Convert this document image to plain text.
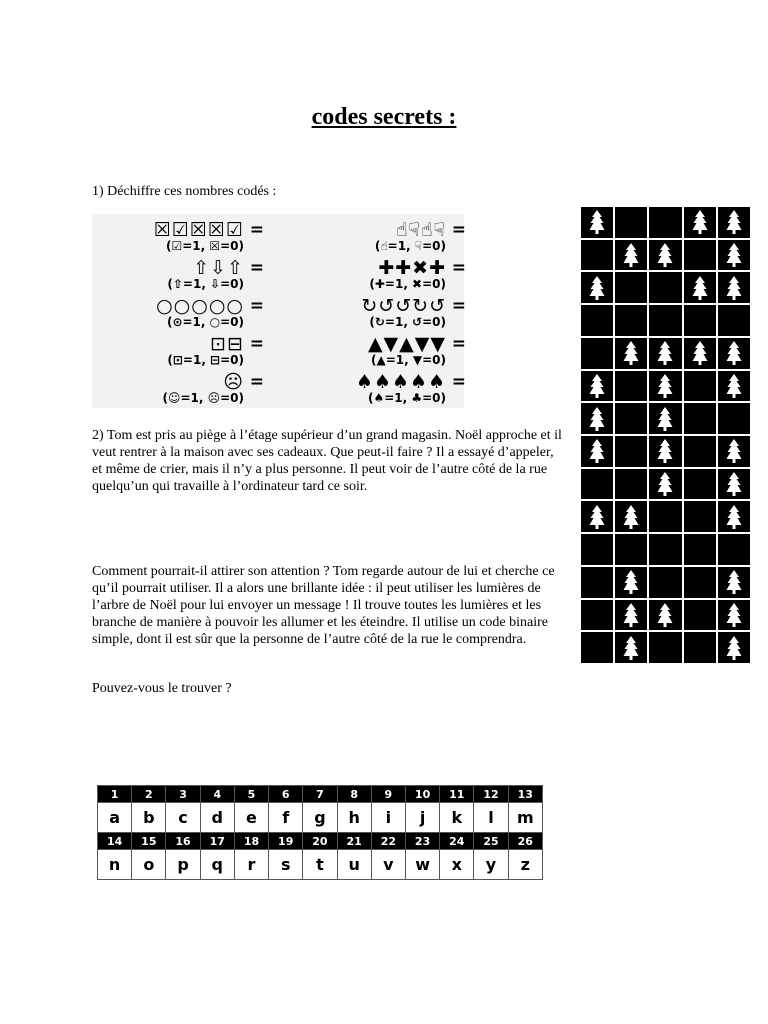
codes secrets :
1) Déchiffre ces nombres codés :
☒☑☒☒☑ =
(☑=1, ☒=0)
⇧⇩⇧ =
(⇧=1, ⇩=0)
○○○○○ =
(⊙=1, ○=0)
⊡⊟ =
(⊡=1, ⊟=0)
☹ =
(☺=1, ☹=0)
☝☟☝☟ =
(☝=1, ☟=0)
✚✚✖✚ =
(✚=1, ✖=0)
↻↺↺↻↺ =
(↻=1, ↺=0)
▲▼▲▼▼ =
(▲=1, ▼=0)
♠♠♠♠♠ =
(♠=1, ♣=0)

2) Tom est pris au piège à l’étage supérieur d’un grand magasin. Noël approche et il veut rentrer à la maison avec ses cadeaux. Que peut-il faire ? Il a essayé d’appeler, et même de crier, mais il n’y a plus personne. Il peut voir de l’autre côté de la rue quelqu’un qui travaille à l’ordinateur tard ce soir.

Comment pourrait-il attirer son attention ? Tom regarde autour de lui et cherche ce qu’il pourrait utiliser. Il a alors une brillante idée : il peut utiliser les lumières de l’arbre de Noël pour lui envoyer un message ! Il trouve toutes les lumières et les branche de manière à pouvoir les allumer et les éteindre. Il utilise un code binaire simple, dont il est sûr que la personne de l’autre côté de la rue le comprendra.

Pouvez-vous le trouver ?

1	2	3	4	5	6	7	8	9	10	11	12	13
a	b	c	d	e	f	g	h	i	j	k	l	m
14	15	16	17	18	19	20	21	22	23	24	25	26
n	o	p	q	r	s	t	u	v	w	x	y	z
